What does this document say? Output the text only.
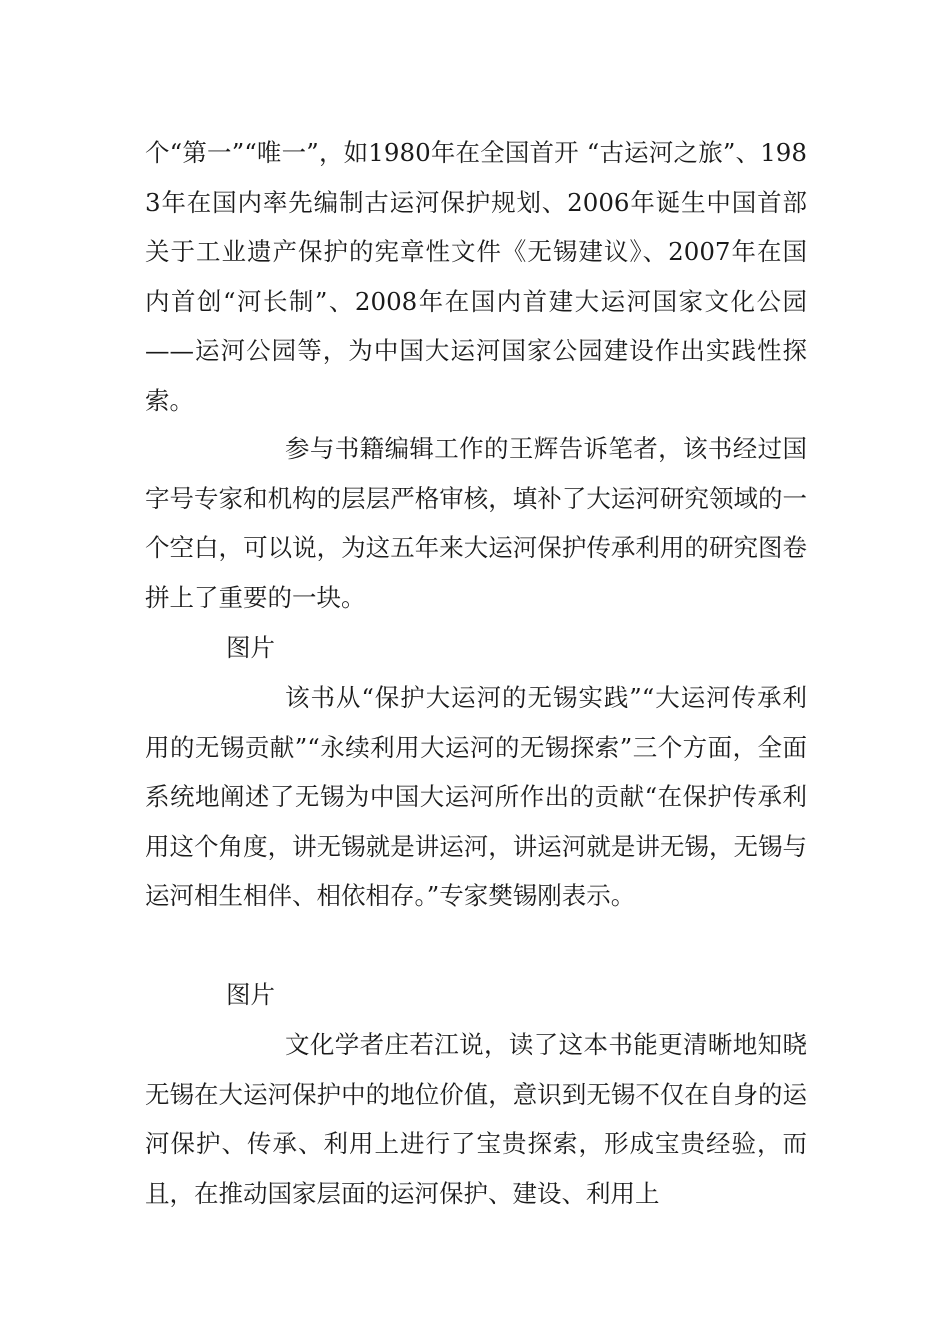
个“第一”“唯一”，如1980年在全国首开 “古运河之旅”、1983年在国内率先编制古运河保护规划、2006年诞生中国首部关于工业遗产保护的宪章性文件《无锡建议》、2007年在国内首创“河长制”、2008年在国内首建大运河国家文化公园——运河公园等，为中国大运河国家公园建设作出实践性探索。
参与书籍编辑工作的王辉告诉笔者，该书经过国字号专家和机构的层层严格审核，填补了大运河研究领域的一个空白，可以说，为这五年来大运河保护传承利用的研究图卷拼上了重要的一块。
图片
该书从“保护大运河的无锡实践”“大运河传承利用的无锡贡献”“永续利用大运河的无锡探索”三个方面，全面系统地阐述了无锡为中国大运河所作出的贡献“在保护传承利用这个角度，讲无锡就是讲运河，讲运河就是讲无锡，无锡与运河相生相伴、相依相存。”专家樊锡刚表示。
图片
文化学者庄若江说，读了这本书能更清晰地知晓无锡在大运河保护中的地位价值，意识到无锡不仅在自身的运河保护、传承、利用上进行了宝贵探索，形成宝贵经验，而且，在推动国家层面的运河保护、建设、利用上
